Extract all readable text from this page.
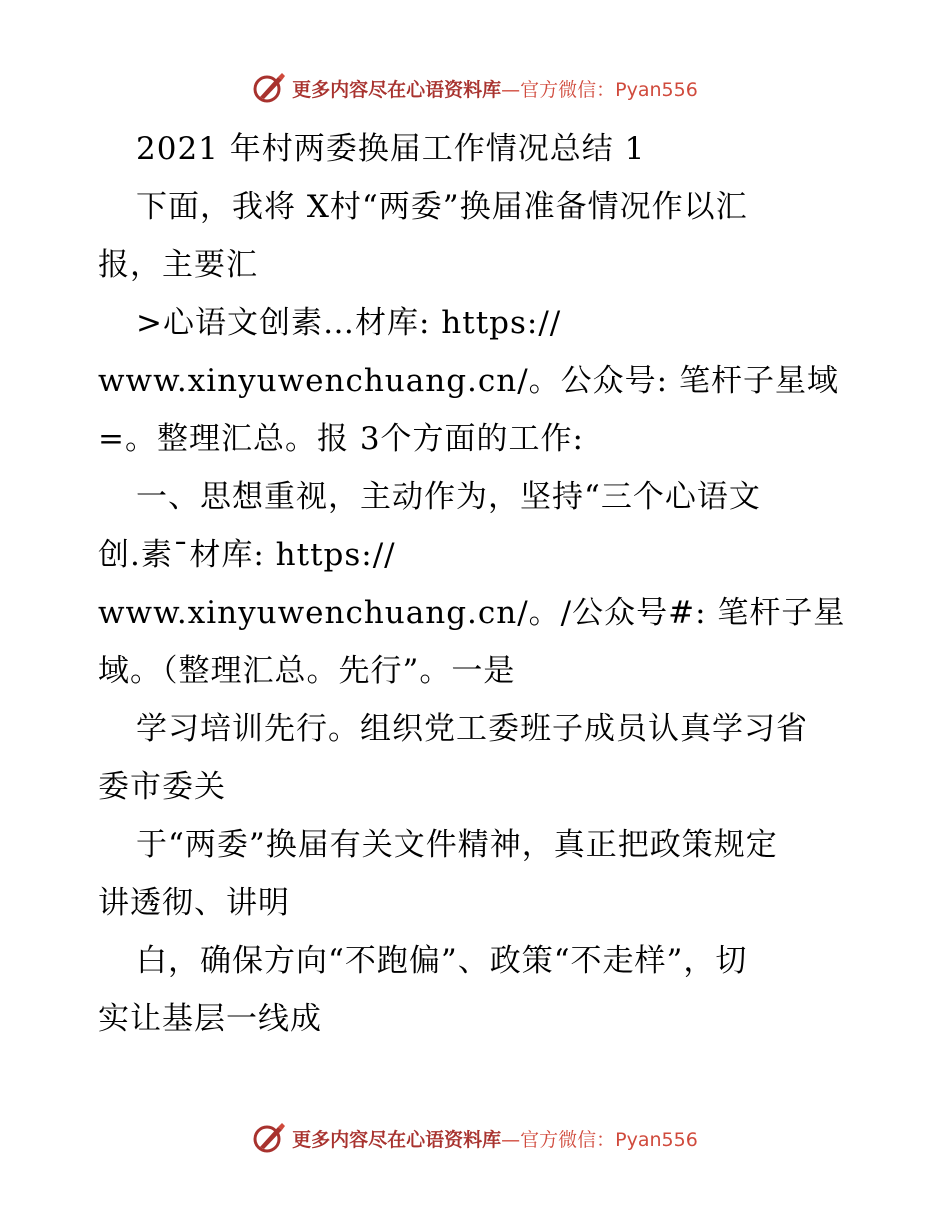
更多内容尽在心语资料库 —官方微信：Pyan556
2021 年村两委换届工作情况总结 1
下面，我将 X村“两委”换届准备情况作以汇
报，主要汇
>心语文创素…材库: https://
www.xinyuwenchuang.cn/。公众号: 笔杆子星域
=。整理汇总。报 3个方面的工作:
一、思想重视，主动作为，坚持“三个心语文
创.素¯材库: https://
www.xinyuwenchuang.cn/。/公众号#: 笔杆子星
域。（整理汇总。先行”。一是
学习培训先行。组织党工委班子成员认真学习省
委市委关
于“两委”换届有关文件精神，真正把政策规定
讲透彻、讲明
白，确保方向“不跑偏”、政策“不走样”，切
实让基层一线成
更多内容尽在心语资料库 —官方微信：Pyan556
